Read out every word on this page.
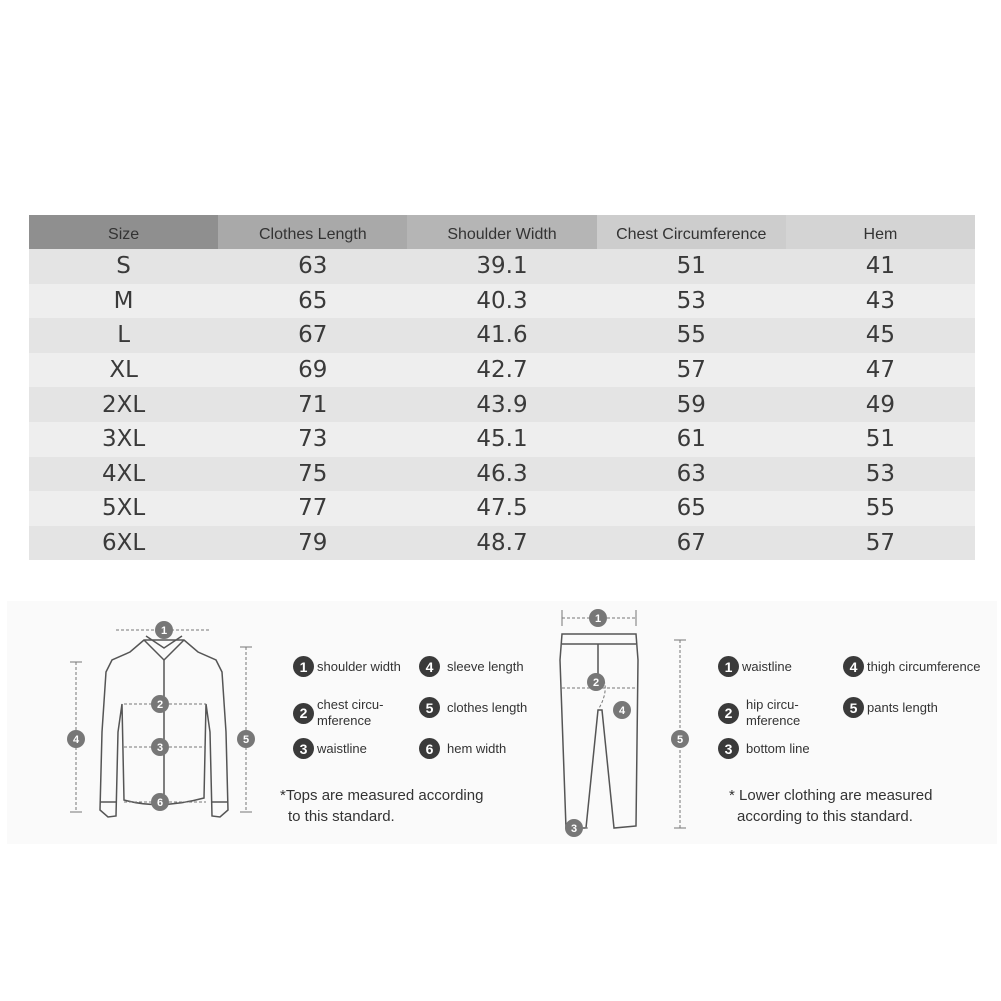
Size	Clothes Length	Shoulder Width	Chest Circumference	Hem
S	63	39.1	51	41
M	65	40.3	53	43
L	67	41.6	55	45
XL	69	42.7	57	47
2XL	71	43.9	59	49
3XL	73	45.1	61	51
4XL	75	46.3	63	53
5XL	77	47.5	65	55
6XL	79	48.7	67	57
1
2
3
4	5
6
1 shoulder width
2
chest circu-
mference
3 waistline
4	sleeve length
5	clothes length
6	hem width
*Tops are measured according
to this standard.
1
2
3
4
5
1 waistline
2
hip circu-
mference
3	bottom line
4 thigh circumference
5 pants length
* Lower clothing are measured
according to this standard.
